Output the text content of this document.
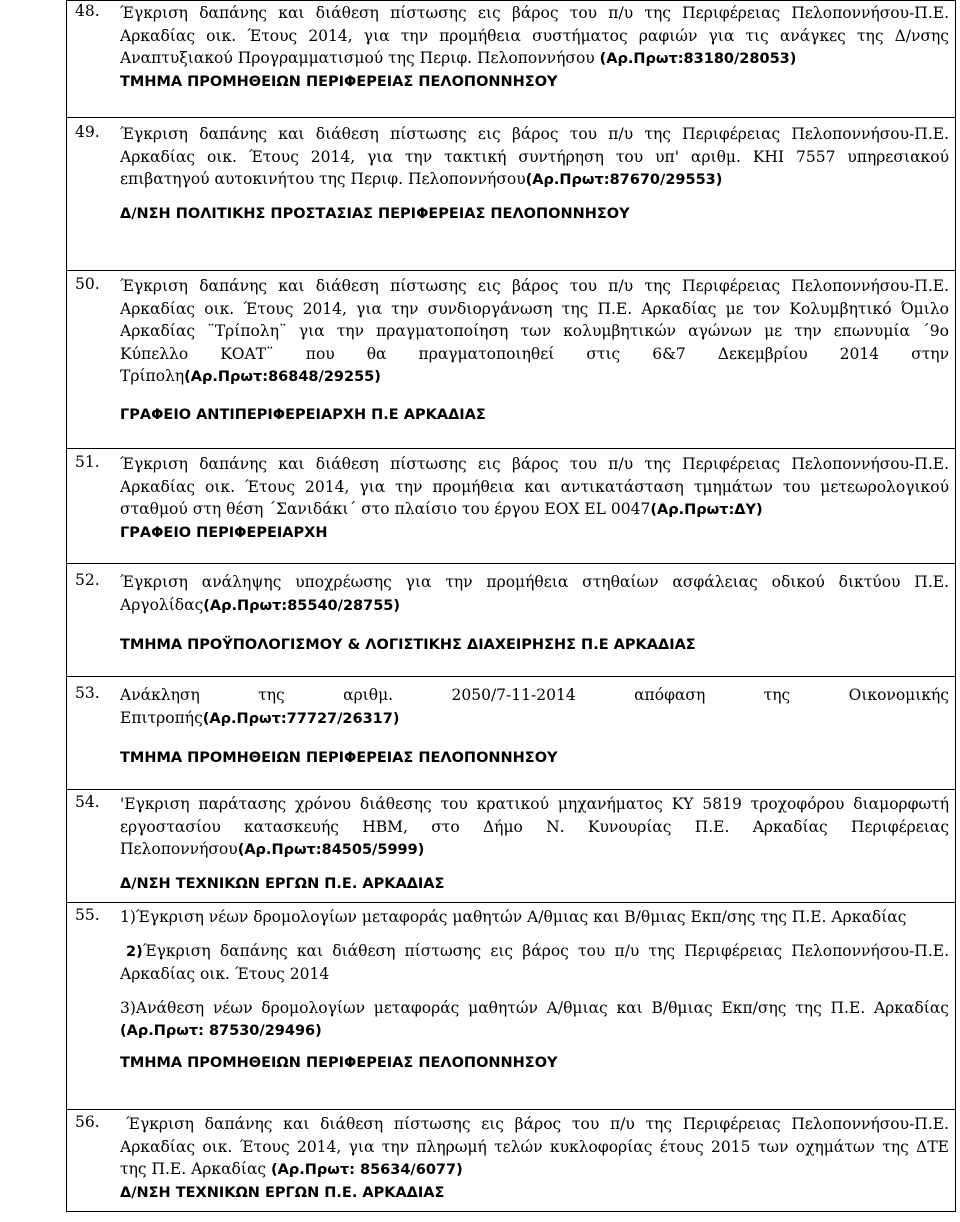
48. Έγκριση δαπάνης και διάθεση πίστωσης εις βάρος του π/υ της Περιφέρειας Πελοποννήσου-Π.Ε.
Αρκαδίας οικ. Έτους 2014, για την προμήθεια συστήματος ραφιών για τις ανάγκες της Δ/νσης
Αναπτυξιακού Προγραμματισμού της Περιφ. Πελοποννήσου (Αρ.Πρωτ:83180/28053)
ΤΜΗΜΑ ΠΡΟΜΗΘΕΙΩΝ ΠΕΡΙΦΕΡΕΙΑΣ ΠΕΛΟΠΟΝΝΗΣΟΥ

49. Έγκριση δαπάνης και διάθεση πίστωσης εις βάρος του π/υ της Περιφέρειας Πελοποννήσου-Π.Ε.
Αρκαδίας οικ. Έτους 2014, για την τακτική συντήρηση του υπ' αριθμ. ΚΗΙ 7557 υπηρεσιακού
επιβατηγού αυτοκινήτου της Περιφ. Πελοποννήσου(Αρ.Πρωτ:87670/29553)
Δ/ΝΣΗ ΠΟΛΙΤΙΚΗΣ ΠΡΟΣΤΑΣΙΑΣ ΠΕΡΙΦΕΡΕΙΑΣ ΠΕΛΟΠΟΝΝΗΣΟΥ

50. Έγκριση δαπάνης και διάθεση πίστωσης εις βάρος του π/υ της Περιφέρειας Πελοποννήσου-Π.Ε.
Αρκαδίας οικ. Έτους 2014, για την συνδιοργάνωση της Π.Ε. Αρκαδίας με τον Κολυμβητικό Όμιλο
Αρκαδίας ¨Τρίπολη¨ για την πραγματοποίηση των κολυμβητικών αγώνων με την επωνυμία ΄9ο
Κύπελλο ΚΟΑΤ¨ που θα πραγματοποιηθεί στις 6&7 Δεκεμβρίου 2014 στην
Τρίπολη(Αρ.Πρωτ:86848/29255)
ΓΡΑΦΕΙΟ ΑΝΤΙΠΕΡΙΦΕΡΕΙΑΡΧΗ Π.Ε ΑΡΚΑΔΙΑΣ

51. Έγκριση δαπάνης και διάθεση πίστωσης εις βάρος του π/υ της Περιφέρειας Πελοποννήσου-Π.Ε.
Αρκαδίας οικ. Έτους 2014, για την προμήθεια και αντικατάσταση τμημάτων του μετεωρολογικού
σταθμού στη θέση ΄Σανιδάκι΄ στο πλαίσιο του έργου ΕΟΧ EL 0047(Αρ.Πρωτ:ΔΥ)
ΓΡΑΦΕΙΟ ΠΕΡΙΦΕΡΕΙΑΡΧΗ

52. Έγκριση ανάληψης υποχρέωσης για την προμήθεια στηθαίων ασφάλειας οδικού δικτύου Π.Ε.
Αργολίδας(Αρ.Πρωτ:85540/28755)
ΤΜΗΜΑ ΠΡΟΫΠΟΛΟΓΙΣΜΟΥ & ΛΟΓΙΣΤΙΚΗΣ ΔΙΑΧΕΙΡΗΣΗΣ Π.Ε ΑΡΚΑΔΙΑΣ

53. Ανάκληση της αριθμ. 2050/7-11-2014 απόφαση της Οικονομικής
Επιτροπής(Αρ.Πρωτ:77727/26317)
ΤΜΗΜΑ ΠΡΟΜΗΘΕΙΩΝ ΠΕΡΙΦΕΡΕΙΑΣ ΠΕΛΟΠΟΝΝΗΣΟΥ

54. 'Εγκριση παράτασης χρόνου διάθεσης του κρατικού μηχανήματος ΚΥ 5819 τροχοφόρου διαμορφωτή
εργοστασίου κατασκευής HBM, στο Δήμο Ν. Κυνουρίας Π.Ε. Αρκαδίας Περιφέρειας
Πελοποννήσου(Αρ.Πρωτ:84505/5999)
Δ/ΝΣΗ ΤΕΧΝΙΚΩΝ ΕΡΓΩΝ Π.Ε. ΑΡΚΑΔΙΑΣ

55. 1)Έγκριση νέων δρομολογίων μεταφοράς μαθητών Α/θμιας και Β/θμιας Εκπ/σης της Π.Ε. Αρκαδίας
2)Έγκριση δαπάνης και διάθεση πίστωσης εις βάρος του π/υ της Περιφέρειας Πελοποννήσου-Π.Ε.
Αρκαδίας οικ. Έτους 2014
3)Ανάθεση νέων δρομολογίων μεταφοράς μαθητών Α/θμιας και Β/θμιας Εκπ/σης της Π.Ε. Αρκαδίας
(Αρ.Πρωτ: 87530/29496)
ΤΜΗΜΑ ΠΡΟΜΗΘΕΙΩΝ ΠΕΡΙΦΕΡΕΙΑΣ ΠΕΛΟΠΟΝΝΗΣΟΥ

56.	Έγκριση δαπάνης και διάθεση πίστωσης εις βάρος του π/υ της Περιφέρειας Πελοποννήσου-Π.Ε.
Αρκαδίας οικ. Έτους 2014, για την πληρωμή τελών κυκλοφορίας έτους 2015 των οχημάτων της ΔΤΕ
της Π.Ε. Αρκαδίας (Αρ.Πρωτ: 85634/6077)
Δ/ΝΣΗ ΤΕΧΝΙΚΩΝ ΕΡΓΩΝ Π.Ε. ΑΡΚΑΔΙΑΣ
